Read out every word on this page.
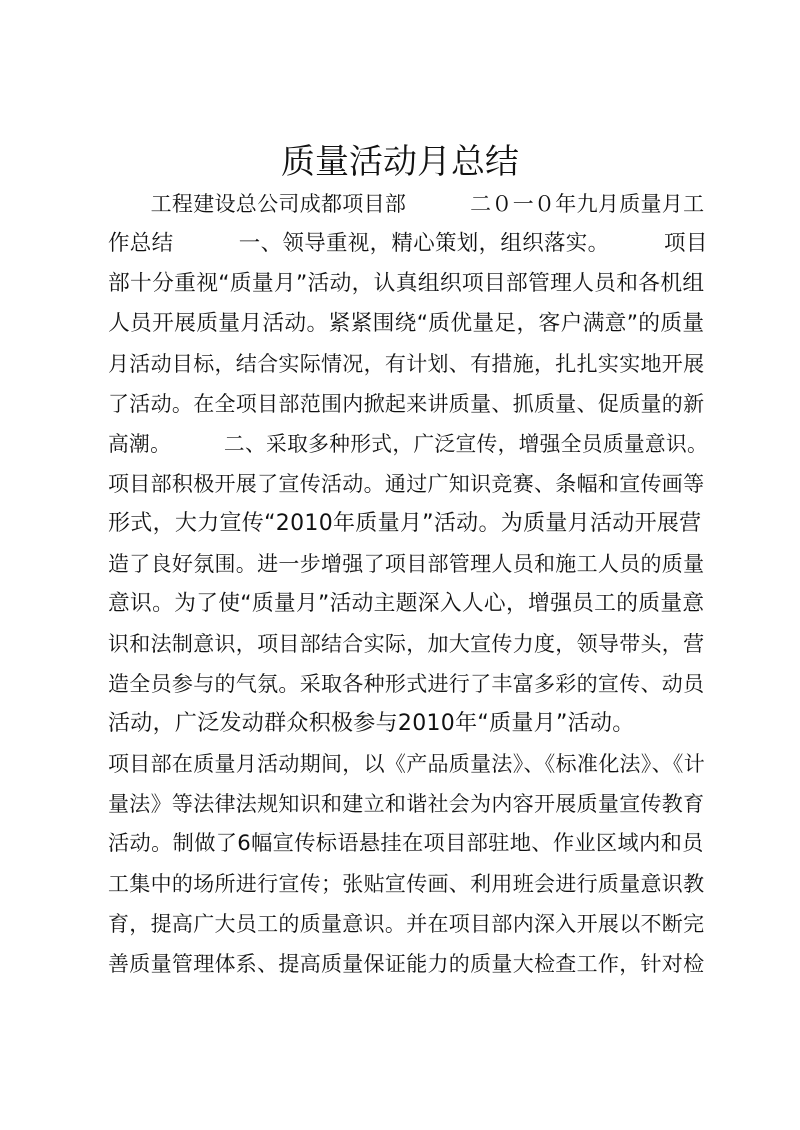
质量活动月总结
　　工程建设总公司成都项目部　　　二０一０年九月质量月工
作总结　　　一、领导重视，精心策划，组织落实。　　　项目
部十分重视“质量月”活动，认真组织项目部管理人员和各机组
人员开展质量月活动。紧紧围绕“质优量足，客户满意”的质量
月活动目标，结合实际情况，有计划、有措施，扎扎实实地开展
了活动。在全项目部范围内掀起来讲质量、抓质量、促质量的新
高潮。　　　二、采取多种形式，广泛宣传，增强全员质量意识。
项目部积极开展了宣传活动。通过广知识竞赛、条幅和宣传画等
形式，大力宣传“2010年质量月”活动。为质量月活动开展营
造了良好氛围。进一步增强了项目部管理人员和施工人员的质量
意识。为了使“质量月”活动主题深入人心，增强员工的质量意
识和法制意识，项目部结合实际，加大宣传力度，领导带头，营
造全员参与的气氛。采取各种形式进行了丰富多彩的宣传、动员
活动，广泛发动群众积极参与2010年“质量月”活动。
项目部在质量月活动期间，以《产品质量法》、《标准化法》、《计
量法》等法律法规知识和建立和谐社会为内容开展质量宣传教育
活动。制做了6幅宣传标语悬挂在项目部驻地、作业区域内和员
工集中的场所进行宣传；张贴宣传画、利用班会进行质量意识教
育，提高广大员工的质量意识。并在项目部内深入开展以不断完
善质量管理体系、提高质量保证能力的质量大检查工作，针对检
